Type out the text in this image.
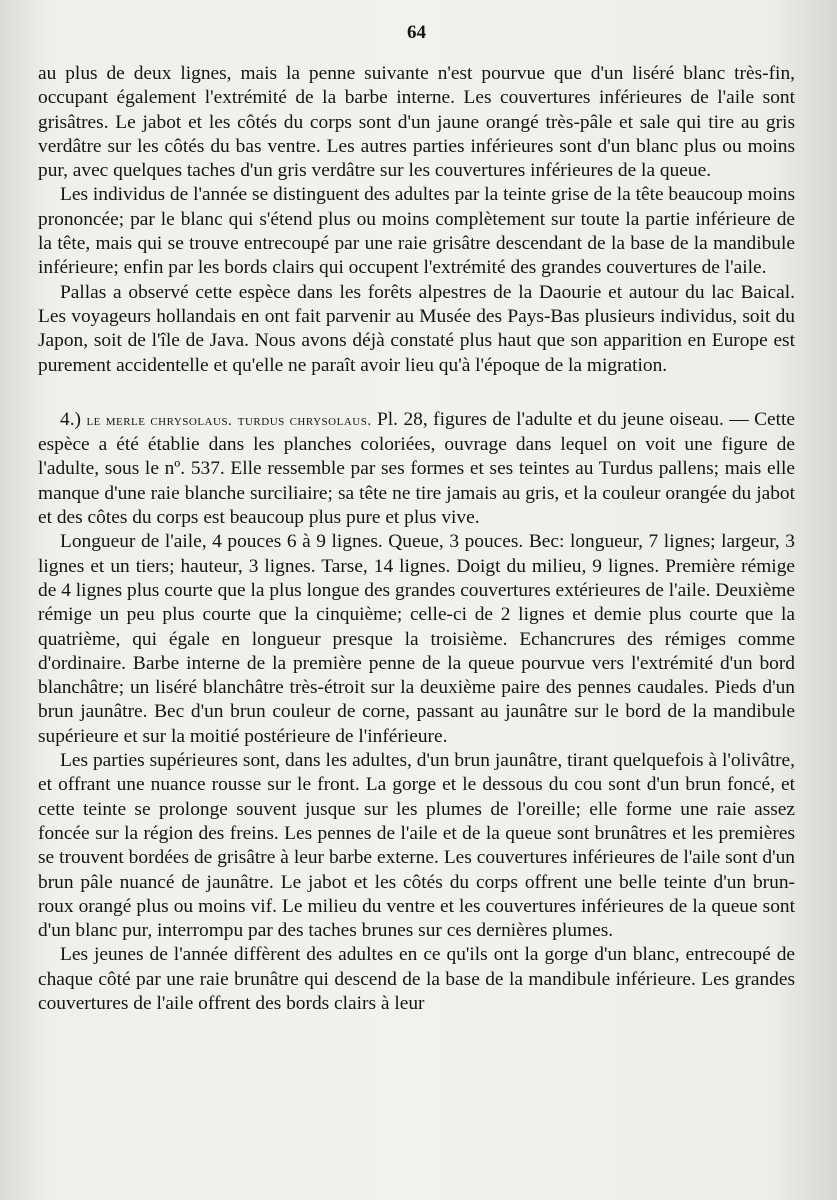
64

au plus de deux lignes, mais la penne suivante n'est pourvue que d'un liséré blanc très-fin, occupant également l'extrémité de la barbe interne. Les couvertures inférieures de l'aile sont grisâtres. Le jabot et les côtés du corps sont d'un jaune orangé très-pâle et sale qui tire au gris verdâtre sur les côtés du bas ventre. Les autres parties inférieures sont d'un blanc plus ou moins pur, avec quelques taches d'un gris verdâtre sur les couvertures inférieures de la queue.

Les individus de l'année se distinguent des adultes par la teinte grise de la tête beaucoup moins prononcée; par le blanc qui s'étend plus ou moins complètement sur toute la partie inférieure de la tête, mais qui se trouve entrecoupé par une raie grisâtre descendant de la base de la mandibule inférieure; enfin par les bords clairs qui occupent l'extrémité des grandes couvertures de l'aile.

Pallas a observé cette espèce dans les forêts alpestres de la Daourie et autour du lac Baical. Les voyageurs hollandais en ont fait parvenir au Musée des Pays-Bas plusieurs individus, soit du Japon, soit de l'île de Java. Nous avons déjà constaté plus haut que son apparition en Europe est purement accidentelle et qu'elle ne paraît avoir lieu qu'à l'époque de la migration.

4.) le merle chrysolaus. turdus chrysolaus. Pl. 28, figures de l'adulte et du jeune oiseau. — Cette espèce a été établie dans les planches coloriées, ouvrage dans lequel on voit une figure de l'adulte, sous le nº. 537. Elle ressemble par ses formes et ses teintes au Turdus pallens; mais elle manque d'une raie blanche surciliaire; sa tête ne tire jamais au gris, et la couleur orangée du jabot et des côtes du corps est beaucoup plus pure et plus vive.

Longueur de l'aile, 4 pouces 6 à 9 lignes. Queue, 3 pouces. Bec: longueur, 7 lignes; largeur, 3 lignes et un tiers; hauteur, 3 lignes. Tarse, 14 lignes. Doigt du milieu, 9 lignes. Première rémige de 4 lignes plus courte que la plus longue des grandes couvertures extérieures de l'aile. Deuxième rémige un peu plus courte que la cinquième; celle-ci de 2 lignes et demie plus courte que la quatrième, qui égale en longueur presque la troisième. Echancrures des rémiges comme d'ordinaire. Barbe interne de la première penne de la queue pourvue vers l'extrémité d'un bord blanchâtre; un liséré blanchâtre très-étroit sur la deuxième paire des pennes caudales. Pieds d'un brun jaunâtre. Bec d'un brun couleur de corne, passant au jaunâtre sur le bord de la mandibule supérieure et sur la moitié postérieure de l'inférieure.

Les parties supérieures sont, dans les adultes, d'un brun jaunâtre, tirant quelquefois à l'olivâtre, et offrant une nuance rousse sur le front. La gorge et le dessous du cou sont d'un brun foncé, et cette teinte se prolonge souvent jusque sur les plumes de l'oreille; elle forme une raie assez foncée sur la région des freins. Les pennes de l'aile et de la queue sont brunâtres et les premières se trouvent bordées de grisâtre à leur barbe externe. Les couvertures inférieures de l'aile sont d'un brun pâle nuancé de jaunâtre. Le jabot et les côtés du corps offrent une belle teinte d'un brun-roux orangé plus ou moins vif. Le milieu du ventre et les couvertures inférieures de la queue sont d'un blanc pur, interrompu par des taches brunes sur ces dernières plumes.

Les jeunes de l'année diffèrent des adultes en ce qu'ils ont la gorge d'un blanc, entrecoupé de chaque côté par une raie brunâtre qui descend de la base de la mandibule inférieure. Les grandes couvertures de l'aile offrent des bords clairs à leur
